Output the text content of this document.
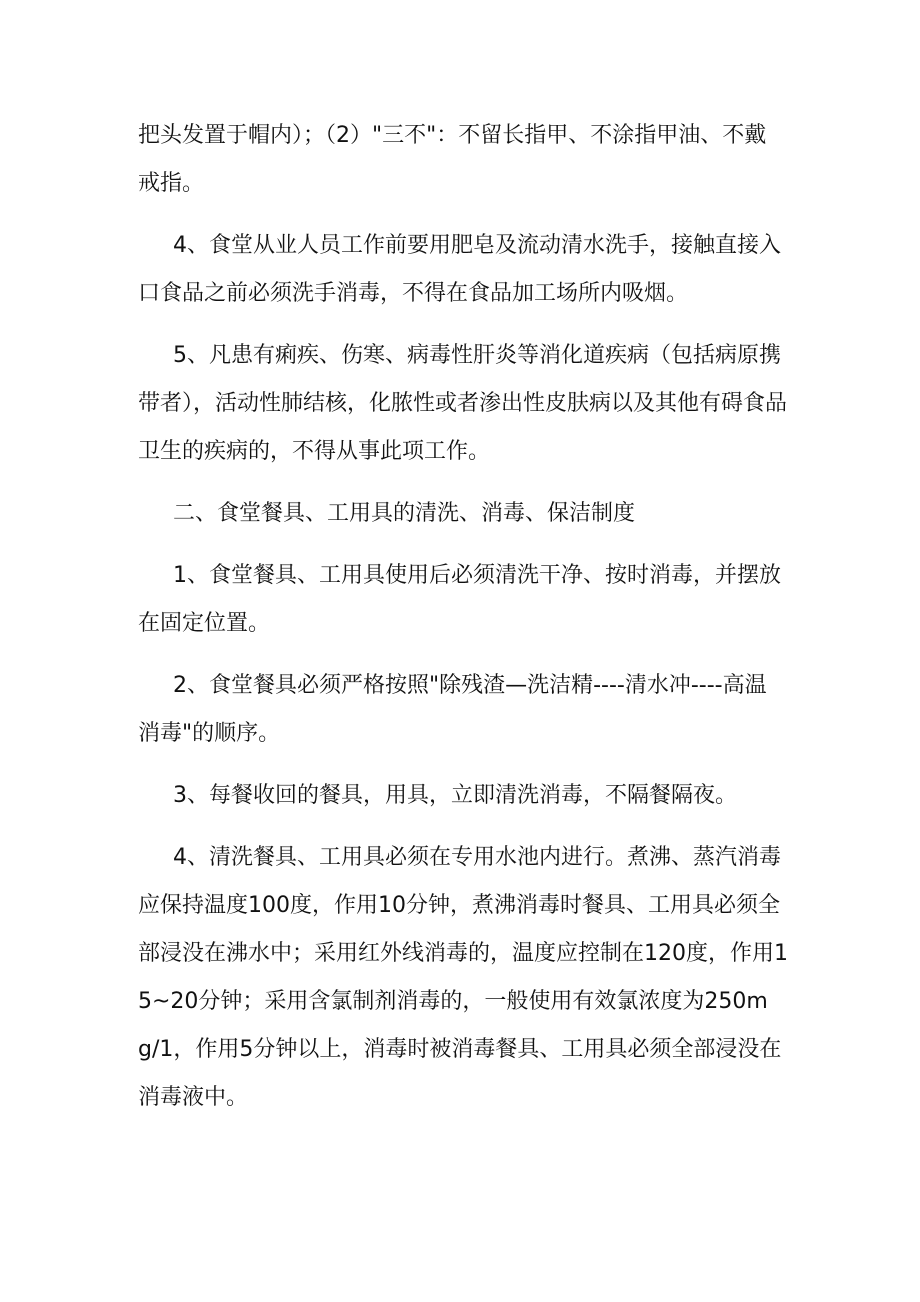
把头发置于帽内）；（2）"三不"：不留长指甲、不涂指甲油、不戴戒指。

4、食堂从业人员工作前要用肥皂及流动清水洗手，接触直接入口食品之前必须洗手消毒，不得在食品加工场所内吸烟。

5、凡患有痢疾、伤寒、病毒性肝炎等消化道疾病（包括病原携带者），活动性肺结核，化脓性或者渗出性皮肤病以及其他有碍食品卫生的疾病的，不得从事此项工作。

二、食堂餐具、工用具的清洗、消毒、保洁制度

1、食堂餐具、工用具使用后必须清洗干净、按时消毒，并摆放在固定位置。

2、食堂餐具必须严格按照"除残渣—洗洁精----清水冲----高温消毒"的顺序。

3、每餐收回的餐具，用具，立即清洗消毒，不隔餐隔夜。

4、清洗餐具、工用具必须在专用水池内进行。煮沸、蒸汽消毒应保持温度100度，作用10分钟，煮沸消毒时餐具、工用具必须全部浸没在沸水中；采用红外线消毒的，温度应控制在120度，作用15~20分钟；采用含氯制剂消毒的，一般使用有效氯浓度为250mg/1，作用5分钟以上，消毒时被消毒餐具、工用具必须全部浸没在消毒液中。
